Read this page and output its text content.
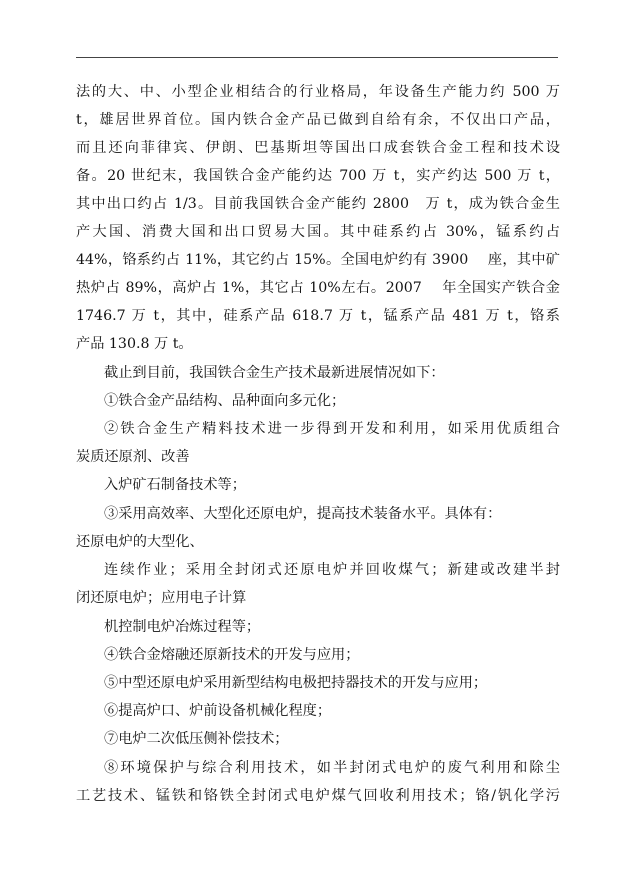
法的大、中、小型企业相结合的行业格局，年设备生产能力约 500 万
t，雄居世界首位。国内铁合金产品已做到自给有余，不仅出口产品，
而且还向菲律宾、伊朗、巴基斯坦等国出口成套铁合金工程和技术设
备。20 世纪末，我国铁合金产能约达 700 万 t，实产约达 500 万 t，
其中出口约占 1/3。目前我国铁合金产能约 2800　万 t，成为铁合金生
产大国、消费大国和出口贸易大国。其中硅系约占 30%，锰系约占
44%，铬系约占 11%，其它约占 15%。全国电炉约有 3900　 座，其中矿
热炉占 89%，高炉占 1%，其它占 10%左右。2007　 年全国实产铁合金
1746.7 万 t，其中，硅系产品 618.7 万 t，锰系产品 481 万 t，铬系
产品 130.8 万 t。
截止到目前，我国铁合金生产技术最新进展情况如下：
①铁合金产品结构、品种面向多元化；
②铁合金生产精料技术进一步得到开发和利用，如采用优质组合
炭质还原剂、改善
入炉矿石制备技术等；
③采用高效率、大型化还原电炉，提高技术装备水平。具体有：
还原电炉的大型化、
连续作业；采用全封闭式还原电炉并回收煤气；新建或改建半封
闭还原电炉；应用电子计算
机控制电炉冶炼过程等；
④铁合金熔融还原新技术的开发与应用；
⑤中型还原电炉采用新型结构电极把持器技术的开发与应用；
⑥提高炉口、炉前设备机械化程度；
⑦电炉二次低压侧补偿技术；
⑧环境保护与综合利用技术，如半封闭式电炉的废气利用和除尘
工艺技术、锰铁和铬铁全封闭式电炉煤气回收利用技术；铬/钒化学污
